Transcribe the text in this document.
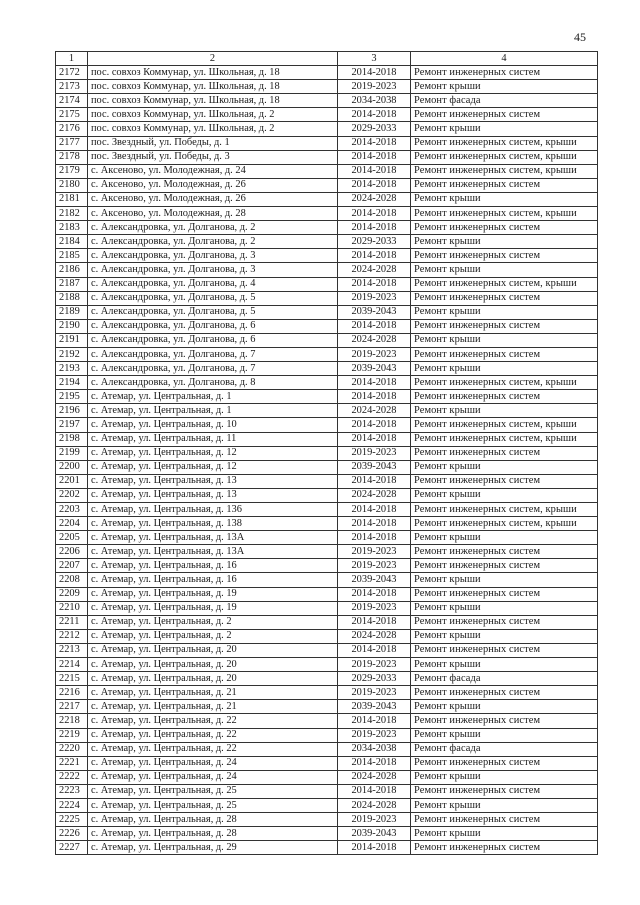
45
1	2	3	4
2172	пос. совхоз Коммунар, ул. Школьная, д. 18	2014-2018	Ремонт инженерных систем
2173	пос. совхоз Коммунар, ул. Школьная, д. 18	2019-2023	Ремонт крыши
2174	пос. совхоз Коммунар, ул. Школьная, д. 18	2034-2038	Ремонт фасада
2175	пос. совхоз Коммунар, ул. Школьная, д. 2	2014-2018	Ремонт инженерных систем
2176	пос. совхоз Коммунар, ул. Школьная, д. 2	2029-2033	Ремонт крыши
2177	пос. Звездный, ул. Победы, д. 1	2014-2018	Ремонт инженерных систем, крыши
2178	пос. Звездный, ул. Победы, д. 3	2014-2018	Ремонт инженерных систем, крыши
2179	с. Аксеново, ул. Молодежная, д. 24	2014-2018	Ремонт инженерных систем, крыши
2180	с. Аксеново, ул. Молодежная, д. 26	2014-2018	Ремонт инженерных систем
2181	с. Аксеново, ул. Молодежная, д. 26	2024-2028	Ремонт крыши
2182	с. Аксеново, ул. Молодежная, д. 28	2014-2018	Ремонт инженерных систем, крыши
2183	с. Александровка, ул. Долганова, д. 2	2014-2018	Ремонт инженерных систем
2184	с. Александровка, ул. Долганова, д. 2	2029-2033	Ремонт крыши
2185	с. Александровка, ул. Долганова, д. 3	2014-2018	Ремонт инженерных систем
2186	с. Александровка, ул. Долганова, д. 3	2024-2028	Ремонт крыши
2187	с. Александровка, ул. Долганова, д. 4	2014-2018	Ремонт инженерных систем, крыши
2188	с. Александровка, ул. Долганова, д. 5	2019-2023	Ремонт инженерных систем
2189	с. Александровка, ул. Долганова, д. 5	2039-2043	Ремонт крыши
2190	с. Александровка, ул. Долганова, д. 6	2014-2018	Ремонт инженерных систем
2191	с. Александровка, ул. Долганова, д. 6	2024-2028	Ремонт крыши
2192	с. Александровка, ул. Долганова, д. 7	2019-2023	Ремонт инженерных систем
2193	с. Александровка, ул. Долганова, д. 7	2039-2043	Ремонт крыши
2194	с. Александровка, ул. Долганова, д. 8	2014-2018	Ремонт инженерных систем, крыши
2195	с. Атемар, ул. Центральная, д. 1	2014-2018	Ремонт инженерных систем
2196	с. Атемар, ул. Центральная, д. 1	2024-2028	Ремонт крыши
2197	с. Атемар, ул. Центральная, д. 10	2014-2018	Ремонт инженерных систем, крыши
2198	с. Атемар, ул. Центральная, д. 11	2014-2018	Ремонт инженерных систем, крыши
2199	с. Атемар, ул. Центральная, д. 12	2019-2023	Ремонт инженерных систем
2200	с. Атемар, ул. Центральная, д. 12	2039-2043	Ремонт крыши
2201	с. Атемар, ул. Центральная, д. 13	2014-2018	Ремонт инженерных систем
2202	с. Атемар, ул. Центральная, д. 13	2024-2028	Ремонт крыши
2203	с. Атемар, ул. Центральная, д. 136	2014-2018	Ремонт инженерных систем, крыши
2204	с. Атемар, ул. Центральная, д. 138	2014-2018	Ремонт инженерных систем, крыши
2205	с. Атемар, ул. Центральная, д. 13А	2014-2018	Ремонт крыши
2206	с. Атемар, ул. Центральная, д. 13А	2019-2023	Ремонт инженерных систем
2207	с. Атемар, ул. Центральная, д. 16	2019-2023	Ремонт инженерных систем
2208	с. Атемар, ул. Центральная, д. 16	2039-2043	Ремонт крыши
2209	с. Атемар, ул. Центральная, д. 19	2014-2018	Ремонт инженерных систем
2210	с. Атемар, ул. Центральная, д. 19	2019-2023	Ремонт крыши
2211	с. Атемар, ул. Центральная, д. 2	2014-2018	Ремонт инженерных систем
2212	с. Атемар, ул. Центральная, д. 2	2024-2028	Ремонт крыши
2213	с. Атемар, ул. Центральная, д. 20	2014-2018	Ремонт инженерных систем
2214	с. Атемар, ул. Центральная, д. 20	2019-2023	Ремонт крыши
2215	с. Атемар, ул. Центральная, д. 20	2029-2033	Ремонт фасада
2216	с. Атемар, ул. Центральная, д. 21	2019-2023	Ремонт инженерных систем
2217	с. Атемар, ул. Центральная, д. 21	2039-2043	Ремонт крыши
2218	с. Атемар, ул. Центральная, д. 22	2014-2018	Ремонт инженерных систем
2219	с. Атемар, ул. Центральная, д. 22	2019-2023	Ремонт крыши
2220	с. Атемар, ул. Центральная, д. 22	2034-2038	Ремонт фасада
2221	с. Атемар, ул. Центральная, д. 24	2014-2018	Ремонт инженерных систем
2222	с. Атемар, ул. Центральная, д. 24	2024-2028	Ремонт крыши
2223	с. Атемар, ул. Центральная, д. 25	2014-2018	Ремонт инженерных систем
2224	с. Атемар, ул. Центральная, д. 25	2024-2028	Ремонт крыши
2225	с. Атемар, ул. Центральная, д. 28	2019-2023	Ремонт инженерных систем
2226	с. Атемар, ул. Центральная, д. 28	2039-2043	Ремонт крыши
2227	с. Атемар, ул. Центральная, д. 29	2014-2018	Ремонт инженерных систем
